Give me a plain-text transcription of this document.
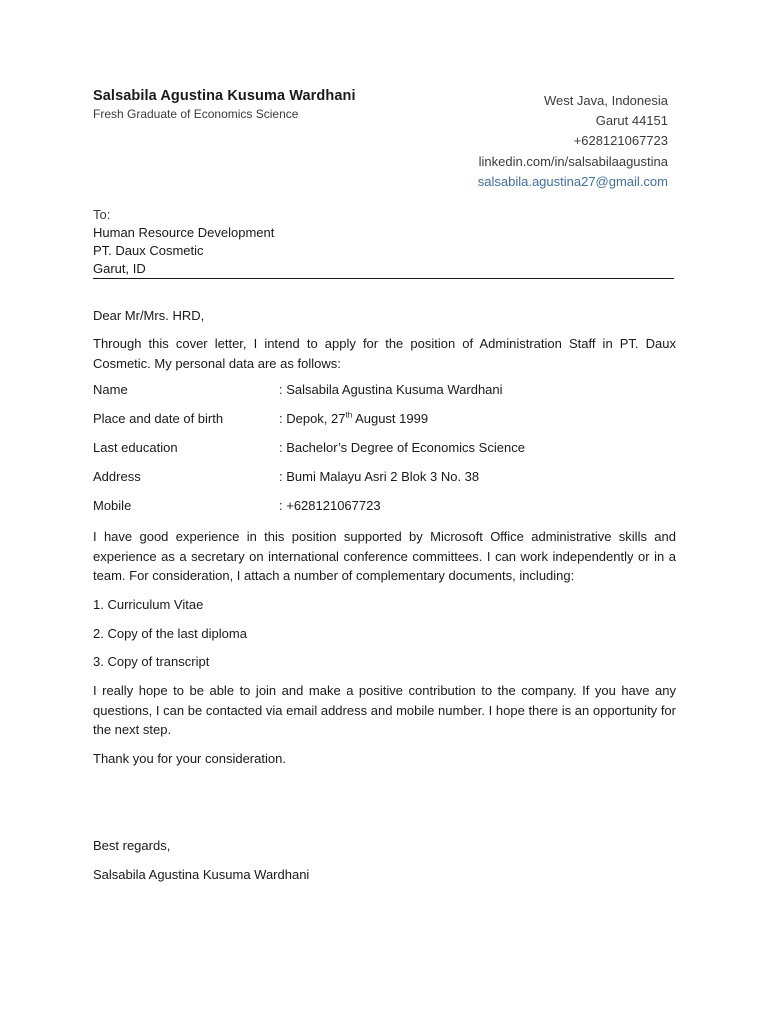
Salsabila Agustina Kusuma Wardhani
Fresh Graduate of Economics Science
West Java, Indonesia
Garut 44151
+628121067723
linkedin.com/in/salsabilaagustina
salsabila.agustina27@gmail.com
To:
Human Resource Development
PT. Daux Cosmetic
Garut, ID
Dear Mr/Mrs. HRD,
Through this cover letter, I intend to apply for the position of Administration Staff in PT. Daux Cosmetic. My personal data are as follows:
Name	: Salsabila Agustina Kusuma Wardhani
Place and date of birth	: Depok, 27th August 1999
Last education	: Bachelor’s Degree of Economics Science
Address	: Bumi Malayu Asri 2 Blok 3 No. 38
Mobile	: +628121067723
I have good experience in this position supported by Microsoft Office administrative skills and experience as a secretary on international conference committees. I can work independently or in a team. For consideration, I attach a number of complementary documents, including:
1. Curriculum Vitae
2. Copy of the last diploma
3. Copy of transcript
I really hope to be able to join and make a positive contribution to the company. If you have any questions, I can be contacted via email address and mobile number. I hope there is an opportunity for the next step.
Thank you for your consideration.
Best regards,
Salsabila Agustina Kusuma Wardhani
